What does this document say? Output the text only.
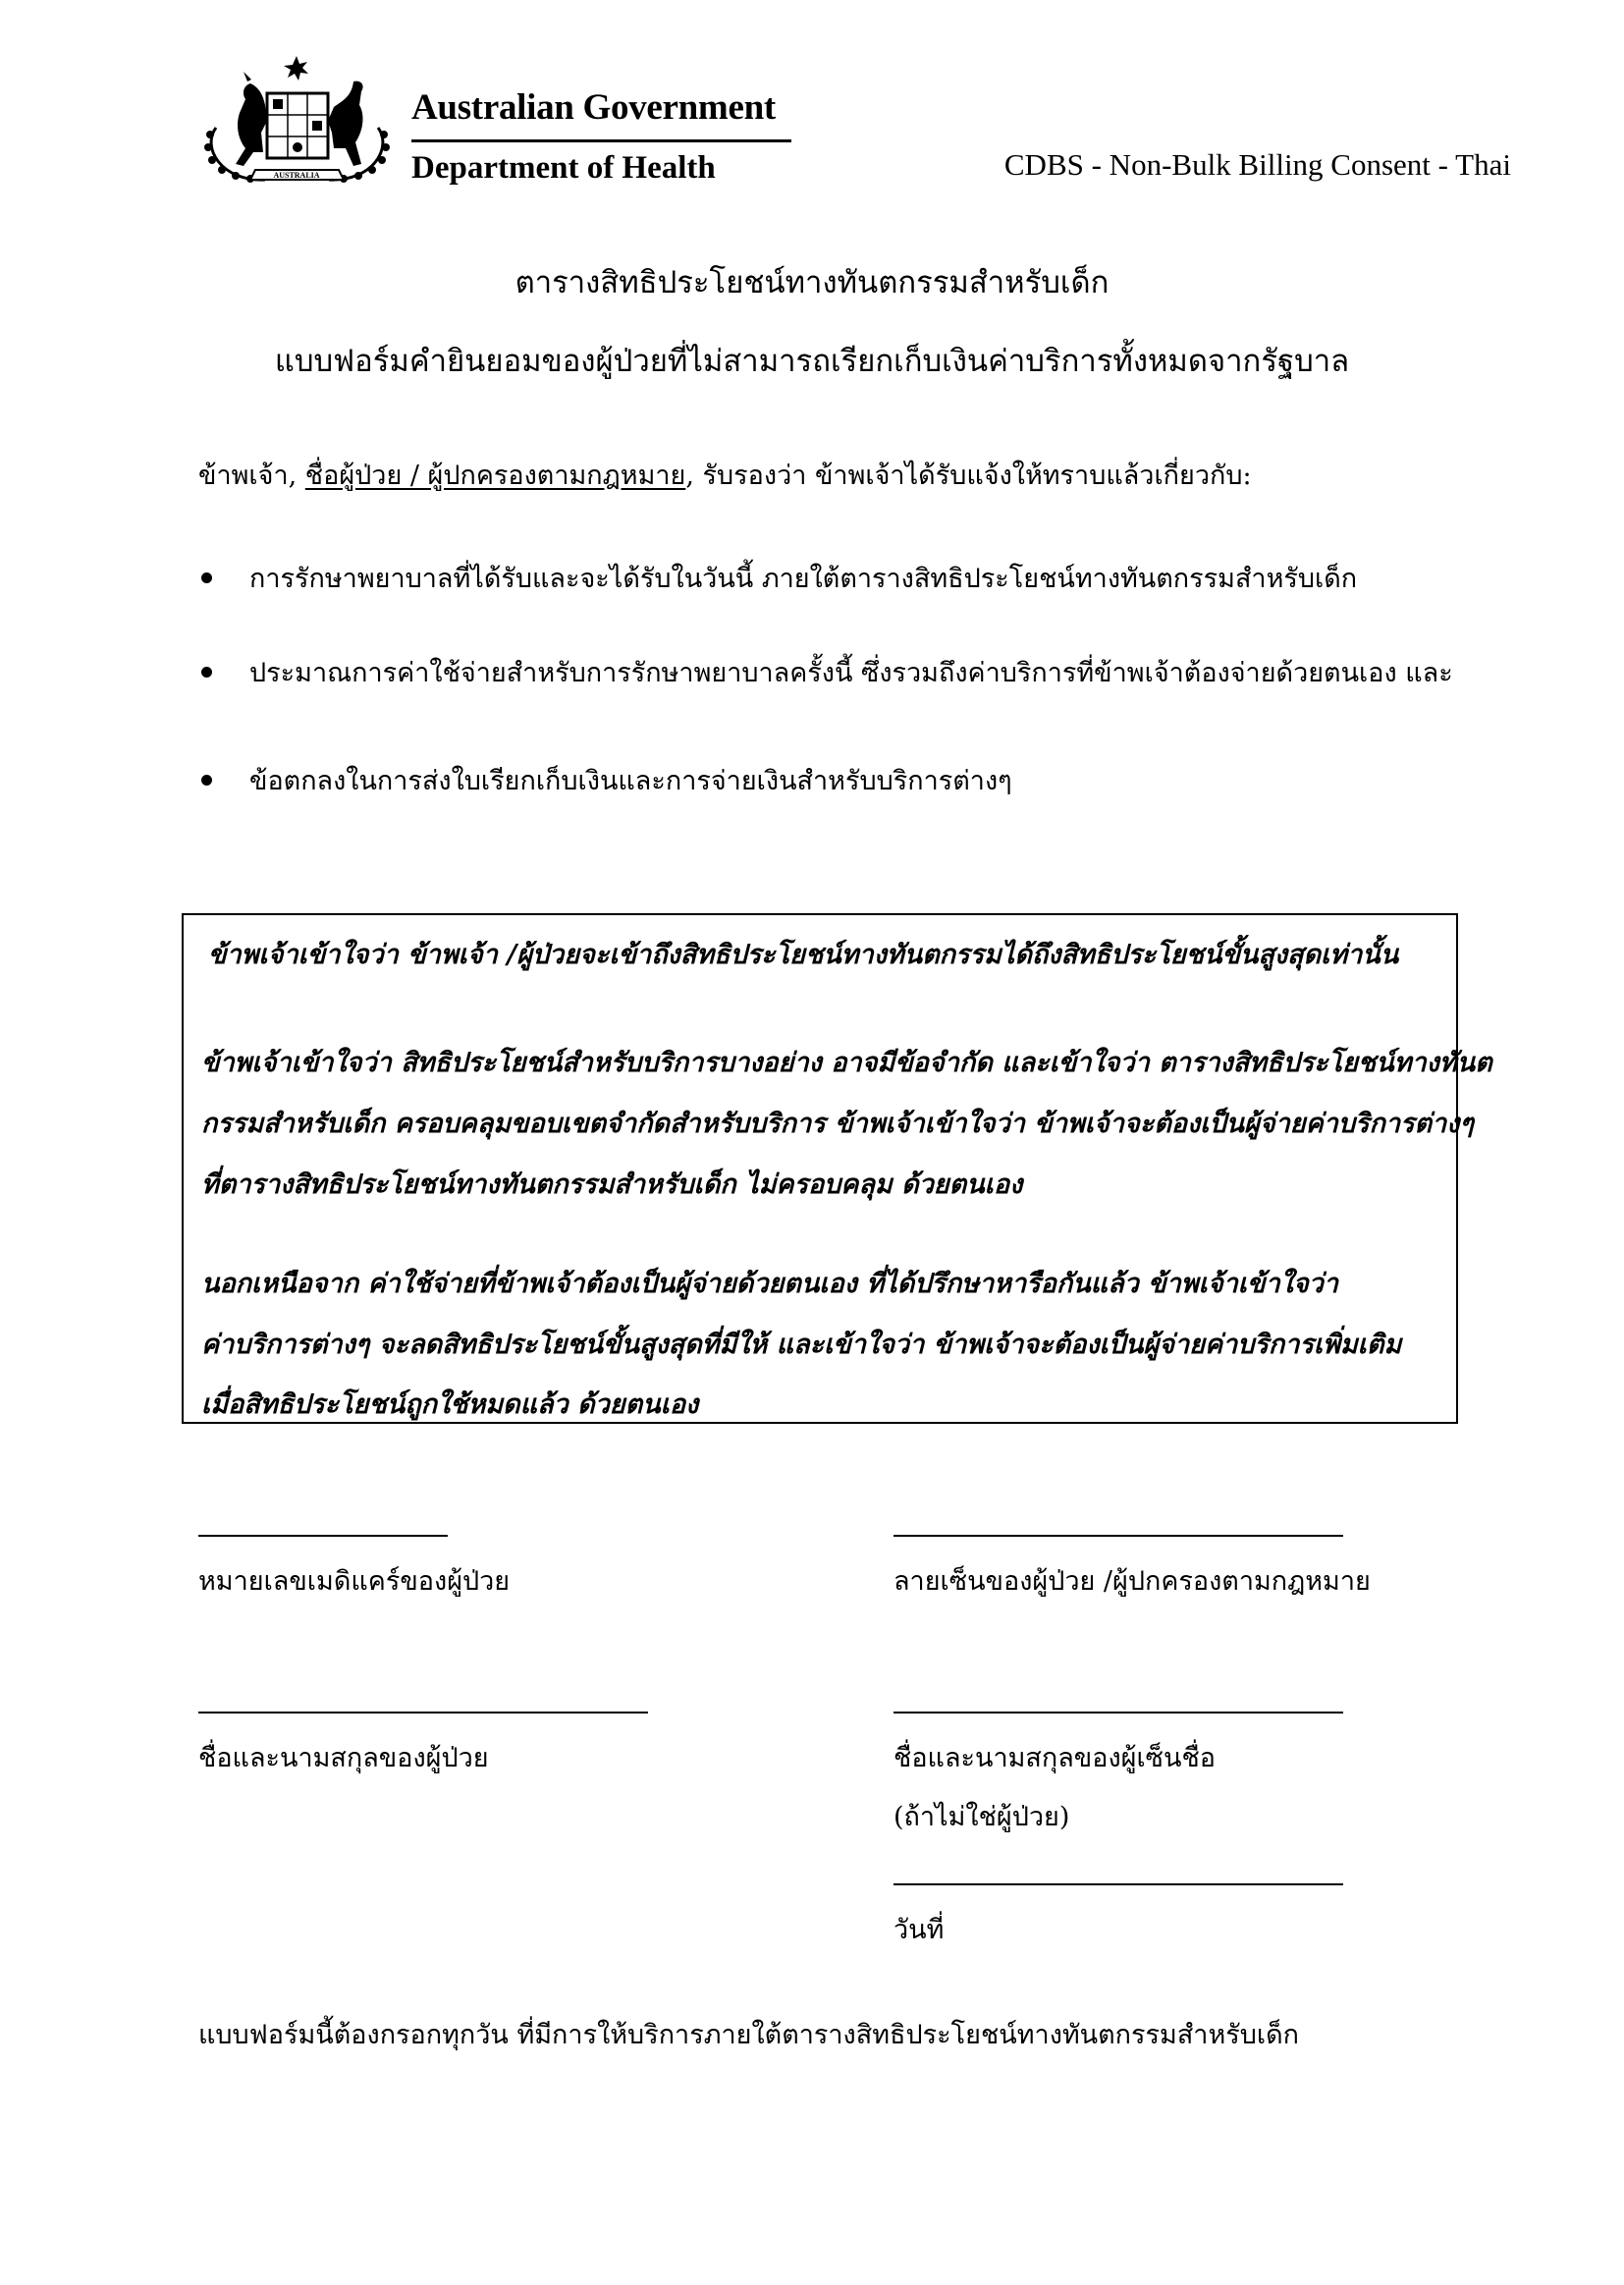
AUSTRALIA
Australian Government
Department of Health	CDBS - Non-Bulk Billing Consent - Thai
ตารางสิทธิประโยชน์ทางทันตกรรมสำหรับเด็ก
แบบฟอร์มคำยินยอมของผู้ป่วยที่ไม่สามารถเรียกเก็บเงินค่าบริการทั้งหมดจากรัฐบาล
ข้าพเจ้า, ชื่อผู้ป่วย / ผู้ปกครองตามกฎหมาย, รับรองว่า ข้าพเจ้าได้รับแจ้งให้ทราบแล้วเกี่ยวกับ:
การรักษาพยาบาลที่ได้รับและจะได้รับในวันนี้ ภายใต้ตารางสิทธิประโยชน์ทางทันตกรรมสำหรับเด็ก
ประมาณการค่าใช้จ่ายสำหรับการรักษาพยาบาลครั้งนี้ ซึ่งรวมถึงค่าบริการที่ข้าพเจ้าต้องจ่ายด้วยตนเอง และ
ข้อตกลงในการส่งใบเรียกเก็บเงินและการจ่ายเงินสำหรับบริการต่างๆ
ข้าพเจ้าเข้าใจว่า ข้าพเจ้า /ผู้ป่วยจะเข้าถึงสิทธิประโยชน์ทางทันตกรรมได้ถึงสิทธิประโยชน์ขั้นสูงสุดเท่านั้น
ข้าพเจ้าเข้าใจว่า สิทธิประโยชน์สำหรับบริการบางอย่าง อาจมีข้อจำกัด และเข้าใจว่า ตารางสิทธิประโยชน์ทางทันต
กรรมสำหรับเด็ก ครอบคลุมขอบเขตจำกัดสำหรับบริการ ข้าพเจ้าเข้าใจว่า ข้าพเจ้าจะต้องเป็นผู้จ่ายค่าบริการต่างๆ
ที่ตารางสิทธิประโยชน์ทางทันตกรรมสำหรับเด็ก ไม่ครอบคลุม ด้วยตนเอง
นอกเหนือจาก ค่าใช้จ่ายที่ข้าพเจ้าต้องเป็นผู้จ่ายด้วยตนเอง ที่ได้ปรึกษาหารือกันแล้ว ข้าพเจ้าเข้าใจว่า
ค่าบริการต่างๆ จะลดสิทธิประโยชน์ขั้นสูงสุดที่มีให้ และเข้าใจว่า ข้าพเจ้าจะต้องเป็นผู้จ่ายค่าบริการเพิ่มเติม
เมื่อสิทธิประโยชน์ถูกใช้หมดแล้ว ด้วยตนเอง
หมายเลขเมดิแคร์ของผู้ป่วย
ชื่อและนามสกุลของผู้ป่วย
ลายเซ็นของผู้ป่วย /ผู้ปกครองตามกฎหมาย
ชื่อและนามสกุลของผู้เซ็นชื่อ
(ถ้าไม่ใช่ผู้ป่วย)
วันที่
แบบฟอร์มนี้ต้องกรอกทุกวัน ที่มีการให้บริการภายใต้ตารางสิทธิประโยชน์ทางทันตกรรมสำหรับเด็ก
